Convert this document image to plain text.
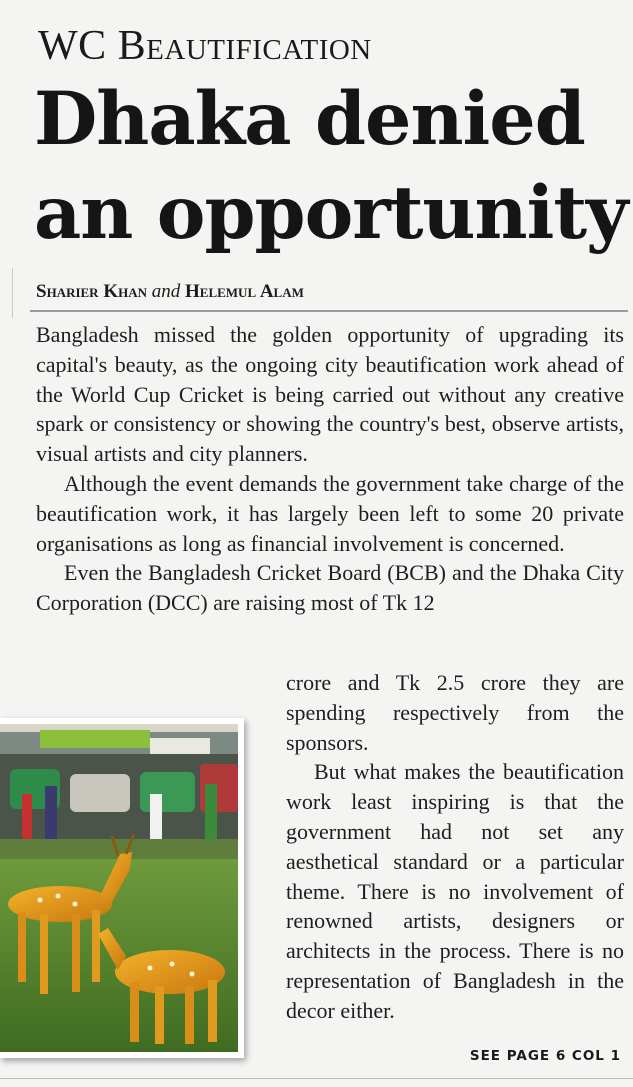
WC Beautification
Dhaka denied
an opportunity
Sharier Khan and Helemul Alam

Bangladesh missed the golden opportunity of upgrading its capital's beauty, as the ongoing city beautification work ahead of the World Cup Cricket is being carried out without any creative spark or consistency or showing the country's best, observe artists, visual artists and city planners.

Although the event demands the government take charge of the beautification work, it has largely been left to some 20 private organisations as long as financial involvement is concerned.

Even the Bangladesh Cricket Board (BCB) and the Dhaka City Corporation (DCC) are raising most of Tk 12

crore and Tk 2.5 crore they are spending respectively from the sponsors.

But what makes the beautification work least inspiring is that the government had not set any aesthetical standard or a particular theme. There is no involvement of renowned artists, designers or architects in the process. There is no representation of Bangladesh in the decor either.

SEE PAGE 6 COL 1
